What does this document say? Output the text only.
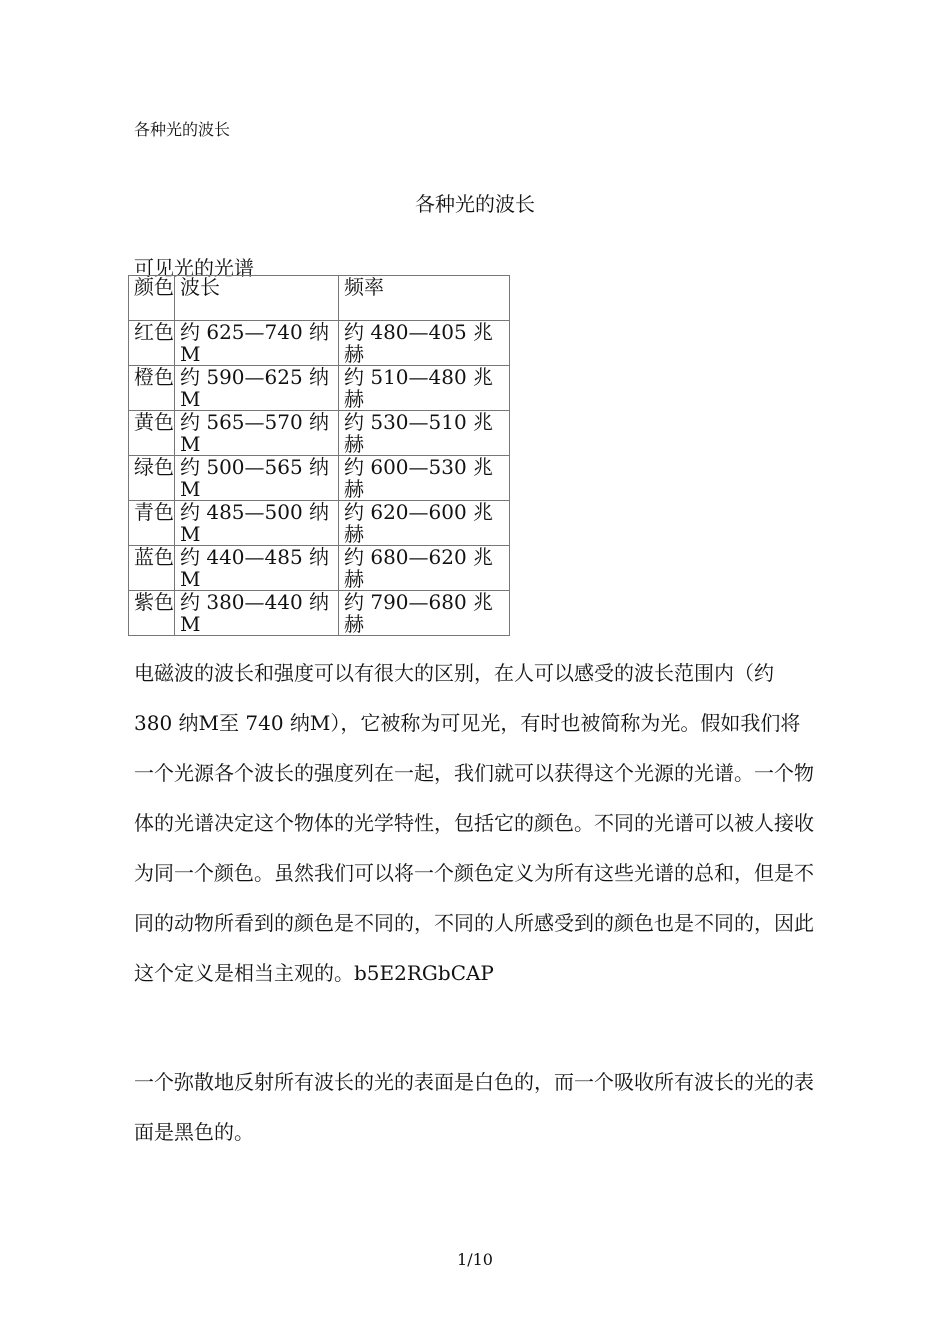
各种光的波长
各种光的波长
可见光的光谱
颜色	波长	频率

红色	约 625—740 纳M	约 480—405 兆赫

橙色	约 590—625 纳M	约 510—480 兆赫

黄色	约 565—570 纳M	约 530—510 兆赫

绿色	约 500—565 纳M	约 600—530 兆赫

青色	约 485—500 纳M	约 620—600 兆赫

蓝色	约 440—485 纳M	约 680—620 兆赫

紫色	约 380—440 纳M	约 790—680 兆赫

电磁波的波长和强度可以有很大的区别，在人可以感受的波长范围内（约 380 纳M至 740 纳M），它被称为可见光，有时也被简称为光。假如我们将一个光源各个波长的强度列在一起，我们就可以获得这个光源的光谱。一个物体的光谱决定这个物体的光学特性，包括它的颜色。不同的光谱可以被人接收为同一个颜色。虽然我们可以将一个颜色定义为所有这些光谱的总和，但是不同的动物所看到的颜色是不同的，不同的人所感受到的颜色也是不同的，因此这个定义是相当主观的。b5E2RGbCAP

一个弥散地反射所有波长的光的表面是白色的，而一个吸收所有波长的光的表面是黑色的。

1/10
